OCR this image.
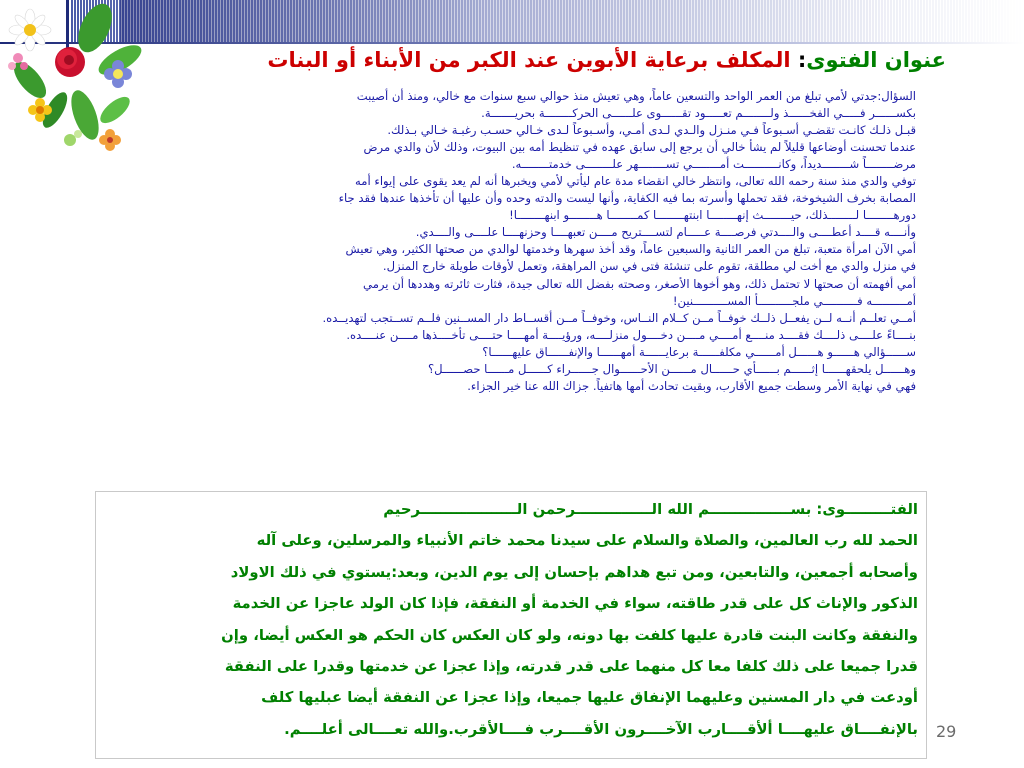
عنوان الفتوى: المكلف برعاية الأبوين عند الكبر من الأبناء أو البنات
السؤال:جدتي لأمي تبلغ من العمر الواحد والتسعين عاماً، وهي تعيش منذ حوالي سبع سنوات مع خالي، ومنذ أن أصيبت
بكســــــر فـــــي الفخــــــذ ولــــــــم تعـــــود تقــــــوى علــــــى الحركــــــــة بحريـــــــة.
قبـل ذلـك كانـت تقضـي أسـبوعاً فـي منـزل والـدي لـدى أمـي، وأسـبوعاً لـدى خـالي حسـب رغبـة خـالي بـذلك.
عندما تحسنت أوضاعها قليلاً لم يشأ خالي أن يرجع إلى سابق عهده في تنظيط أمه بين البيوت، وذلك لأن والدي مرض
مرضــــــــاً شــــــــديداً، وكانــــــــــت أمــــــــي تســــــــهر علــــــــى خدمتــــــــه.
توفي والدي منذ سنة رحمه الله تعالى، وانتظر خالي انقضاء مدة عام ليأتي لأمي ويخبرها أنه لم يعد يقوى على إيواء أمه
المصابة بخرف الشيخوخة، فقد تحملها وأسرته بما فيه الكفاية، وأنها ليست والدته وحده وأن عليها أن تأخذها عندها فقد جاء
دورهــــــــا لــــــــذلك، حيــــــــث إنهــــــــا ابنتهــــــــا كمــــــــا هــــــــو ابنهــــــــا!
وأنــــه قــــد أعطــــى والــــدتي فرصــــة عـــــام لتســــتريح مــــن تعبهــــا وحزنهــــا علــــى والــــدي.
أمي الآن امرأة متعبة، تبلغ من العمر الثانية والسبعين عاماً، وقد أخذ سهرها وخدمتها لوالدي من صحتها الكثير، وهي تعيش
في منزل والدي مع أخت لي مطلقة، تقوم على تنشئة فتى في سن المراهقة، وتعمل لأوقات طويلة خارج المنزل.
أمي أفهمته أن صحتها لا تحتمل ذلك، وهو أخوها الأصغر، وصحته بفضل الله تعالى جيدة، فثارت ثائرته وهددها أن يرمي
أمــــــــــه فــــــــــي ملجــــــــــأ المســــــــــنين!
أمــي تعلــم أنــه لــن يفعــل ذلــك خوفــاً مــن كــلام النــاس، وخوفــاً مــن أقســاط دار المســنين فلــم تســتجب لتهديــده.
بنــــاءً علــــى ذلــــك فقــــد منــــع أمــــي مــــن دخــــول منزلــــه، ورؤيــــة أمهــــا حتــــى تأخــــذها مــــن عنــــده.
ســــــؤالي هــــــو هــــــل أمــــــي مكلفــــــة برعايــــــة أمهــــــا والإنفــــــاق عليهــــــا؟
وهــــــل يلحقهــــــا إثــــــم بــــــأي حــــــال مــــــن الأحــــــوال جــــــراء كــــــل مــــــا حصــــــل؟
فهي في نهاية الأمر وسطت جميع الأقارب، وبقيت تحادث أمها هاتفياً. جزاك الله عنا خير الجزاء.
الفتـــــــــوى: بســــــــــــــــم الله الـــــــــــــــرحمن الـــــــــــــــــــرحيم
الحمد لله رب العالمين، والصلاة والسلام على سيدنا محمد خاتم الأنبياء والمرسلين، وعلى آله
وأصحابه أجمعين، والتابعين، ومن تبع هداهم بإحسان إلى يوم الدين، وبعد:يستوي في ذلك الاولاد
الذكور والإناث كل على قدر طاقته، سواء في الخدمة أو النفقة، فإذا كان الولد عاجزا عن الخدمة
والنفقة وكانت البنت قادرة عليها كلفت بها دونه، ولو كان العكس كان الحكم هو العكس أيضا، وإن
قدرا جميعا على ذلك كلفا معا كل منهما على قدر قدرته، وإذا عجزا عن خدمتها وقدرا على النفقة
أودعت في دار المسنين وعليهما الإنفاق عليها جميعا، وإذا عجزا عن النفقة أيضا عبليها كلف
بالإنفــــاق عليهــــا ألأقــــارب الآخــــرون الأقــــرب فــــالأقرب.والله تعــــالى أعلــــم. 29
